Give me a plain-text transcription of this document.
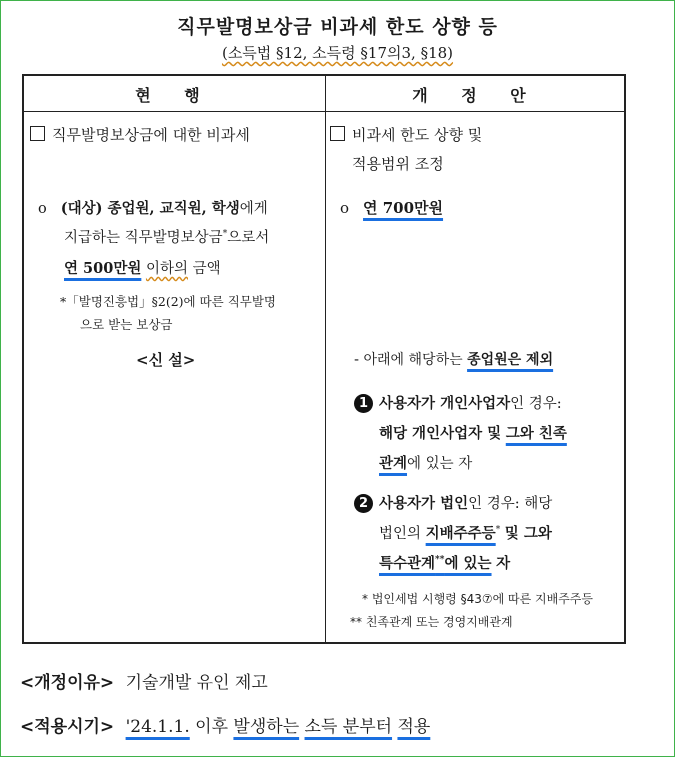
직무발명보상금 비과세 한도 상향 등
(소득법 §12, 소득령 §17의3, §18)
현 행	개 정 안
직무발명보상금에 대한 비과세
o (대상) 종업원, 교직원, 학생에게
지급하는 직무발명보상금*으로서
연 500만원 이하의 금액
*「발명진흥법」§2(2)에 따른 직무발명
으로 받는 보상금
<신 설>
비과세 한도 상향 및
적용범위 조정
o 연 700만원
- 아래에 해당하는 종업원은 제외
1 사용자가 개인사업자인 경우:
해당 개인사업자 및 그와 친족
관계에 있는 자
2 사용자가 법인인 경우: 해당
법인의 지배주주등* 및 그와
특수관계**에 있는 자
* 법인세법 시행령 §43⑦에 따른 지배주주등
** 친족관계 또는 경영지배관계
<개정이유> 기술개발 유인 제고
<적용시기> '24.1.1. 이후 발생하는 소득 분부터 적용
